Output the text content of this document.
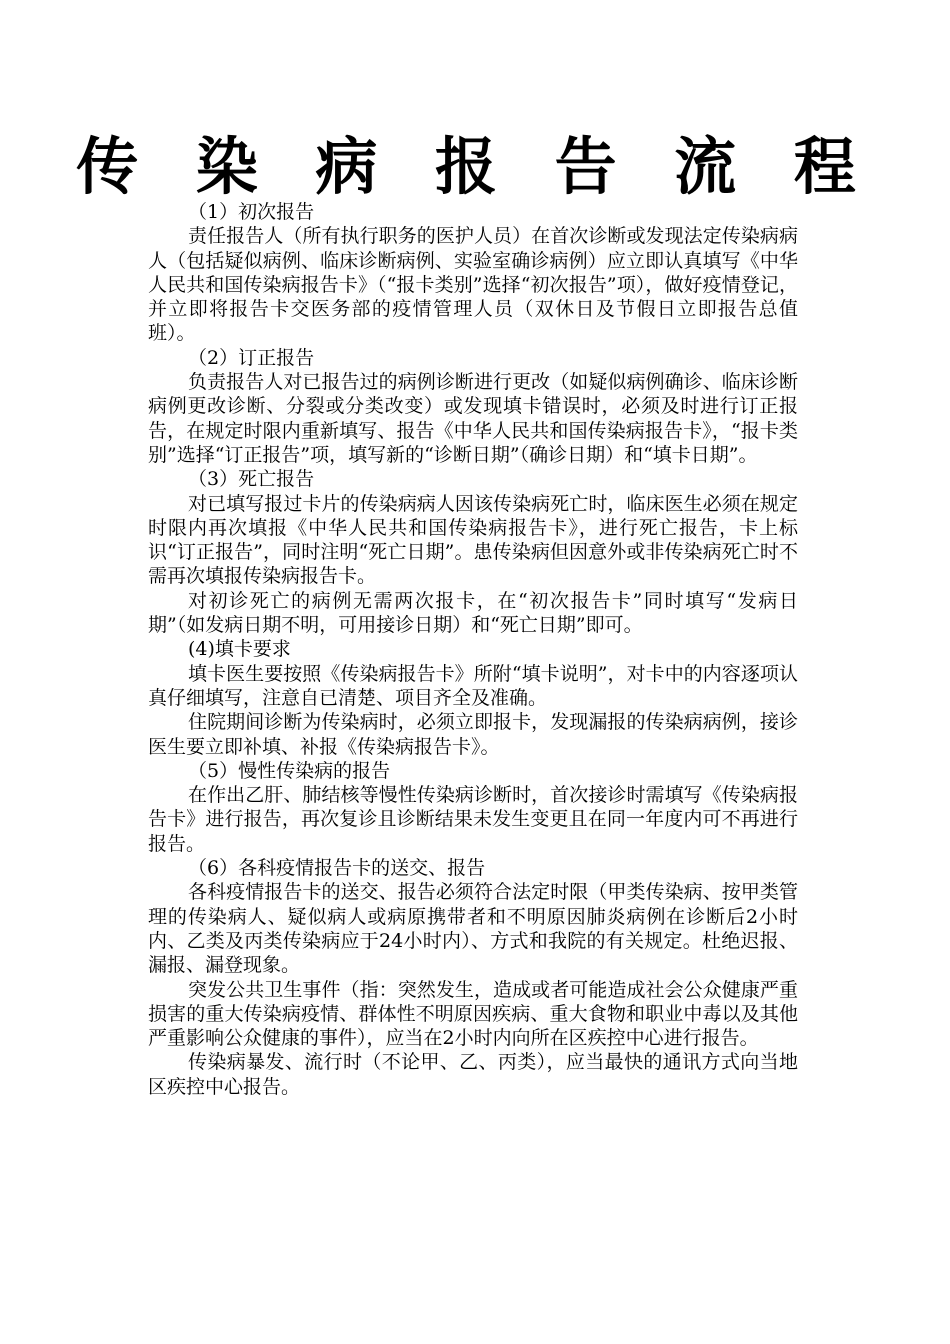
传 染 病 报 告 流 程

（1）初次报告

责任报告人（所有执行职务的医护人员）在首次诊断或发现法定传染病病人（包括疑似病例、临床诊断病例、实验室确诊病例）应立即认真填写《中华人民共和国传染病报告卡》（“报卡类别”选择“初次报告”项），做好疫情登记，并立即将报告卡交医务部的疫情管理人员（双休日及节假日立即报告总值班）。

（2）订正报告

负责报告人对已报告过的病例诊断进行更改（如疑似病例确诊、临床诊断病例更改诊断、分裂或分类改变）或发现填卡错误时，必须及时进行订正报告，在规定时限内重新填写、报告《中华人民共和国传染病报告卡》，“报卡类别”选择“订正报告”项，填写新的“诊断日期”（确诊日期）和“填卡日期”。

（3）死亡报告

对已填写报过卡片的传染病病人因该传染病死亡时，临床医生必须在规定时限内再次填报《中华人民共和国传染病报告卡》，进行死亡报告，卡上标识“订正报告”，同时注明“死亡日期”。患传染病但因意外或非传染病死亡时不需再次填报传染病报告卡。

对初诊死亡的病例无需两次报卡，在“初次报告卡”同时填写“发病日期”（如发病日期不明，可用接诊日期）和“死亡日期”即可。

(4)填卡要求

填卡医生要按照《传染病报告卡》所附“填卡说明”，对卡中的内容逐项认真仔细填写，注意自已清楚、项目齐全及准确。

住院期间诊断为传染病时，必须立即报卡，发现漏报的传染病病例，接诊医生要立即补填、补报《传染病报告卡》。

（5）慢性传染病的报告

在作出乙肝、肺结核等慢性传染病诊断时，首次接诊时需填写《传染病报告卡》进行报告，再次复诊且诊断结果未发生变更且在同一年度内可不再进行报告。

（6）各科疫情报告卡的送交、报告

各科疫情报告卡的送交、报告必须符合法定时限（甲类传染病、按甲类管理的传染病人、疑似病人或病原携带者和不明原因肺炎病例在诊断后2小时内、乙类及丙类传染病应于24小时内）、方式和我院的有关规定。杜绝迟报、漏报、漏登现象。

突发公共卫生事件（指：突然发生，造成或者可能造成社会公众健康严重损害的重大传染病疫情、群体性不明原因疾病、重大食物和职业中毒以及其他严重影响公众健康的事件），应当在2小时内向所在区疾控中心进行报告。

传染病暴发、流行时（不论甲、乙、丙类），应当最快的通讯方式向当地区疾控中心报告。
